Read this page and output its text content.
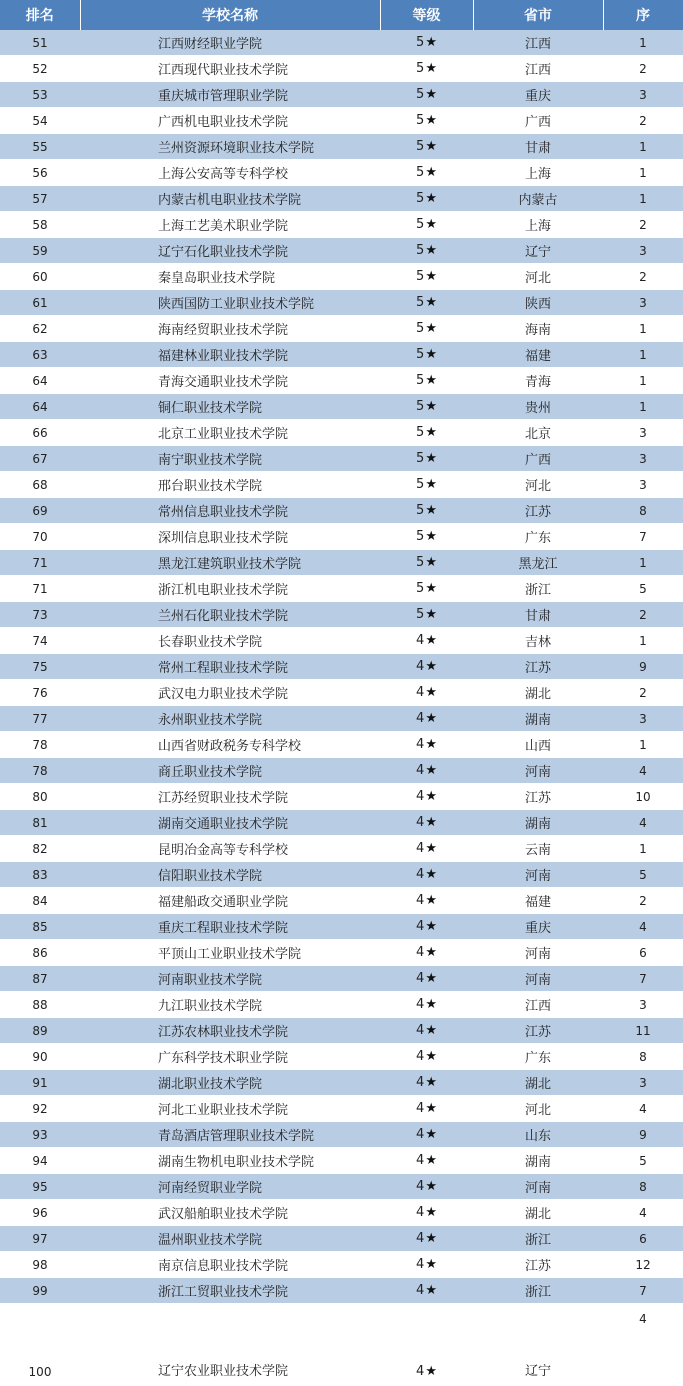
排名	学校名称	等级	省市	序
51	江西财经职业学院	5★	江西	1
52	江西现代职业技术学院	5★	江西	2
53	重庆城市管理职业学院	5★	重庆	3
54	广西机电职业技术学院	5★	广西	2
55	兰州资源环境职业技术学院	5★	甘肃	1
56	上海公安高等专科学校	5★	上海	1
57	内蒙古机电职业技术学院	5★	内蒙古	1
58	上海工艺美术职业学院	5★	上海	2
59	辽宁石化职业技术学院	5★	辽宁	3
60	秦皇岛职业技术学院	5★	河北	2
61	陕西国防工业职业技术学院	5★	陕西	3
62	海南经贸职业技术学院	5★	海南	1
63	福建林业职业技术学院	5★	福建	1
64	青海交通职业技术学院	5★	青海	1
64	铜仁职业技术学院	5★	贵州	1
66	北京工业职业技术学院	5★	北京	3
67	南宁职业技术学院	5★	广西	3
68	邢台职业技术学院	5★	河北	3
69	常州信息职业技术学院	5★	江苏	8
70	深圳信息职业技术学院	5★	广东	7
71	黑龙江建筑职业技术学院	5★	黑龙江	1
71	浙江机电职业技术学院	5★	浙江	5
73	兰州石化职业技术学院	5★	甘肃	2
74	长春职业技术学院	4★	吉林	1
75	常州工程职业技术学院	4★	江苏	9
76	武汉电力职业技术学院	4★	湖北	2
77	永州职业技术学院	4★	湖南	3
78	山西省财政税务专科学校	4★	山西	1
78	商丘职业技术学院	4★	河南	4
80	江苏经贸职业技术学院	4★	江苏	10
81	湖南交通职业技术学院	4★	湖南	4
82	昆明冶金高等专科学校	4★	云南	1
83	信阳职业技术学院	4★	河南	5
84	福建船政交通职业学院	4★	福建	2
85	重庆工程职业技术学院	4★	重庆	4
86	平顶山工业职业技术学院	4★	河南	6
87	河南职业技术学院	4★	河南	7
88	九江职业技术学院	4★	江西	3
89	江苏农林职业技术学院	4★	江苏	11
90	广东科学技术职业学院	4★	广东	8
91	湖北职业技术学院	4★	湖北	3
92	河北工业职业技术学院	4★	河北	4
93	青岛酒店管理职业技术学院	4★	山东	9
94	湖南生物机电职业技术学院	4★	湖南	5
95	河南经贸职业学院	4★	河南	8
96	武汉船舶职业技术学院	4★	湖北	4
97	温州职业技术学院	4★	浙江	6
98	南京信息职业技术学院	4★	江苏	12
99	浙江工贸职业技术学院	4★	浙江	7
100	辽宁农业职业技术学院	4★	辽宁	4
